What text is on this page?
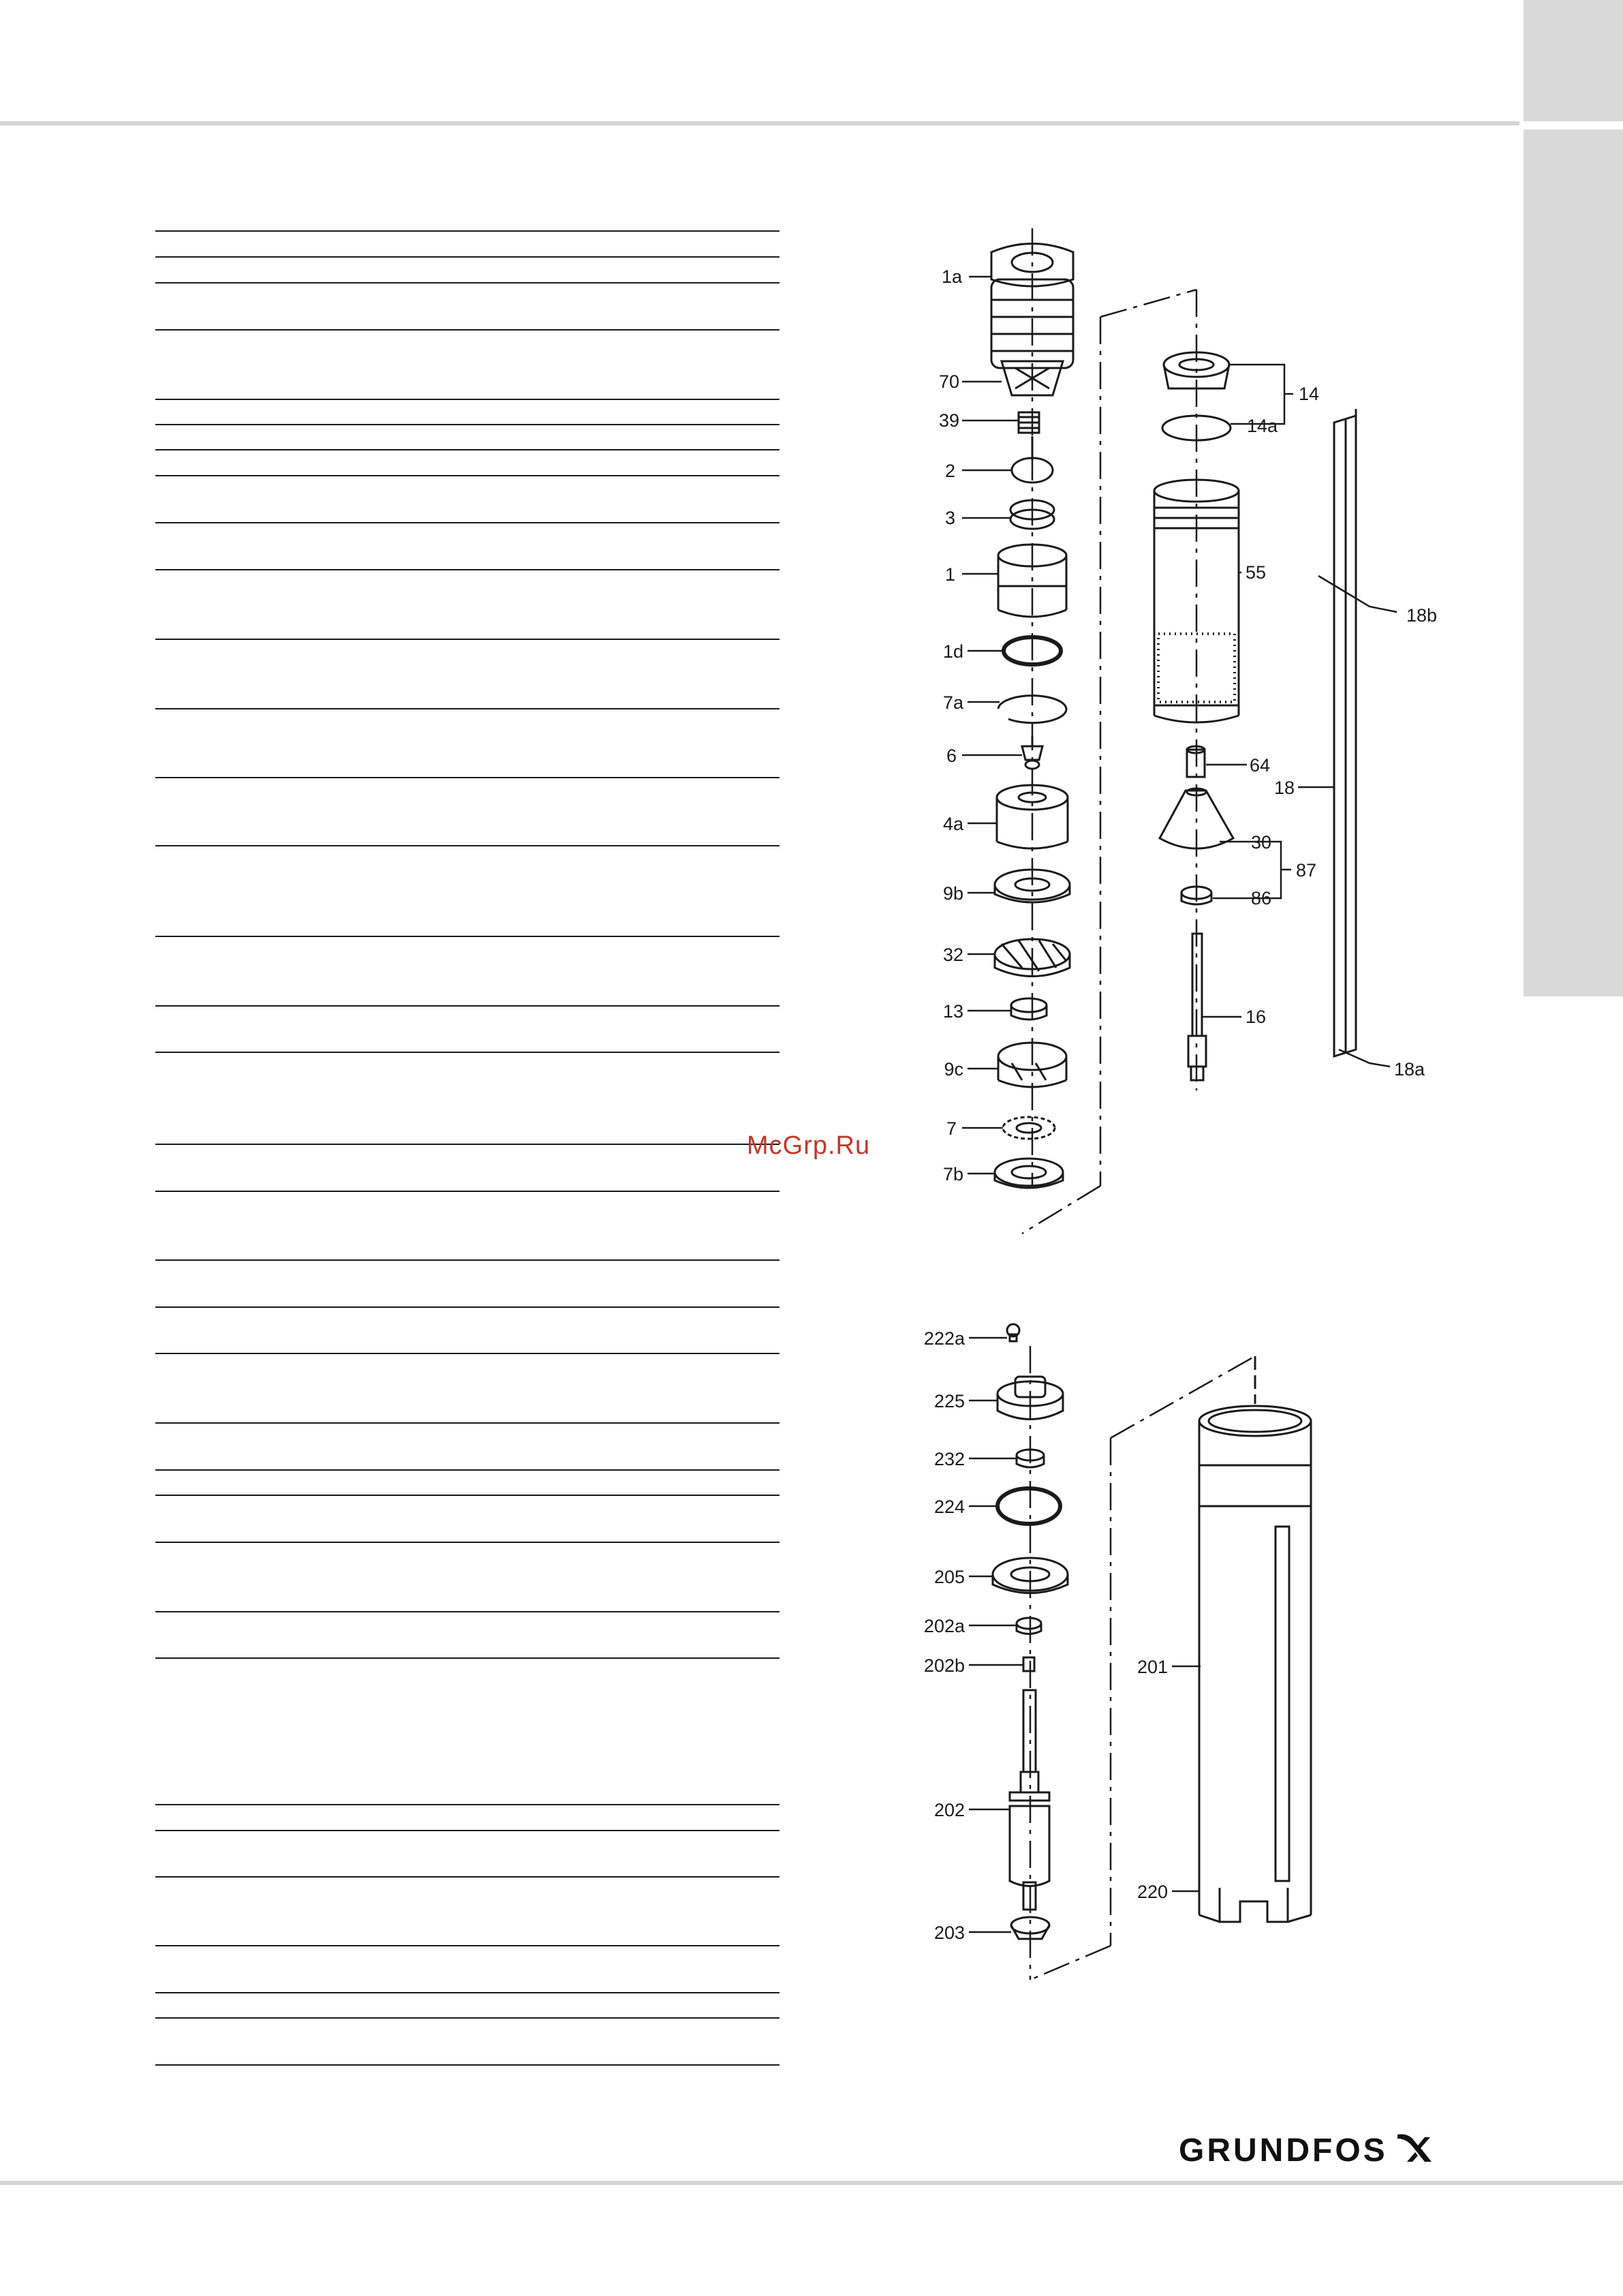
1a
70
39
2
3
1
1d
7a
6
4a
9b
32
13
9c
7
7b
14
14a
55
64
30
87
86
16
18
18b
18a
222a
225
232
224
205
202a
202b
202
203
201
220
McGrp.Ru
GRUNDFOS
